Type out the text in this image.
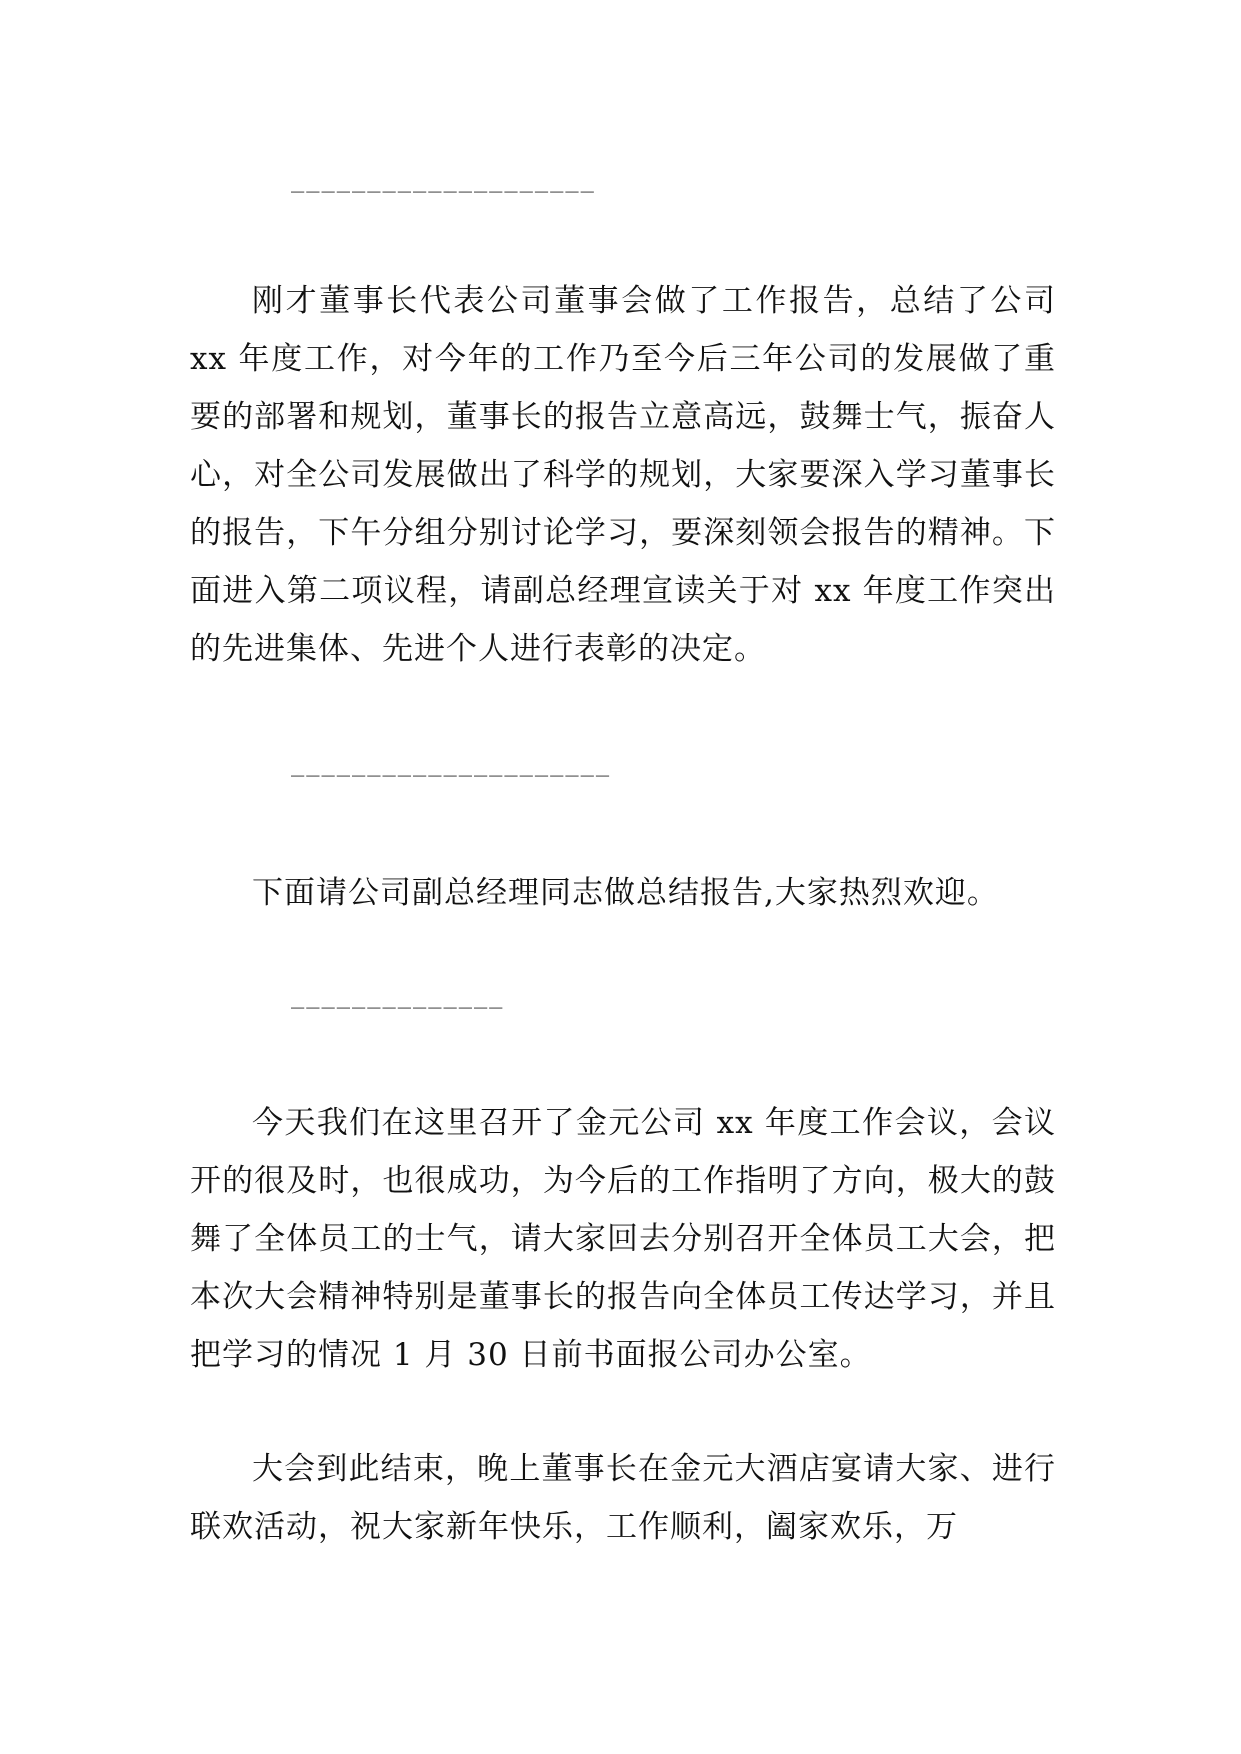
____________________

刚才董事长代表公司董事会做了工作报告，总结了公司 xx 年度工作，对今年的工作乃至今后三年公司的发展做了重要的部署和规划，董事长的报告立意高远，鼓舞士气，振奋人心，对全公司发展做出了科学的规划，大家要深入学习董事长的报告，下午分组分别讨论学习，要深刻领会报告的精神。下面进入第二项议程，请副总经理宣读关于对 xx 年度工作突出的先进集体、先进个人进行表彰的决定。

_____________________

下面请公司副总经理同志做总结报告,大家热烈欢迎。

______________

今天我们在这里召开了金元公司 xx 年度工作会议，会议开的很及时，也很成功，为今后的工作指明了方向，极大的鼓舞了全体员工的士气，请大家回去分别召开全体员工大会，把本次大会精神特别是董事长的报告向全体员工传达学习，并且把学习的情况 1 月 30 日前书面报公司办公室。

大会到此结束，晚上董事长在金元大酒店宴请大家、进行联欢活动，祝大家新年快乐，工作顺利，阖家欢乐，万
